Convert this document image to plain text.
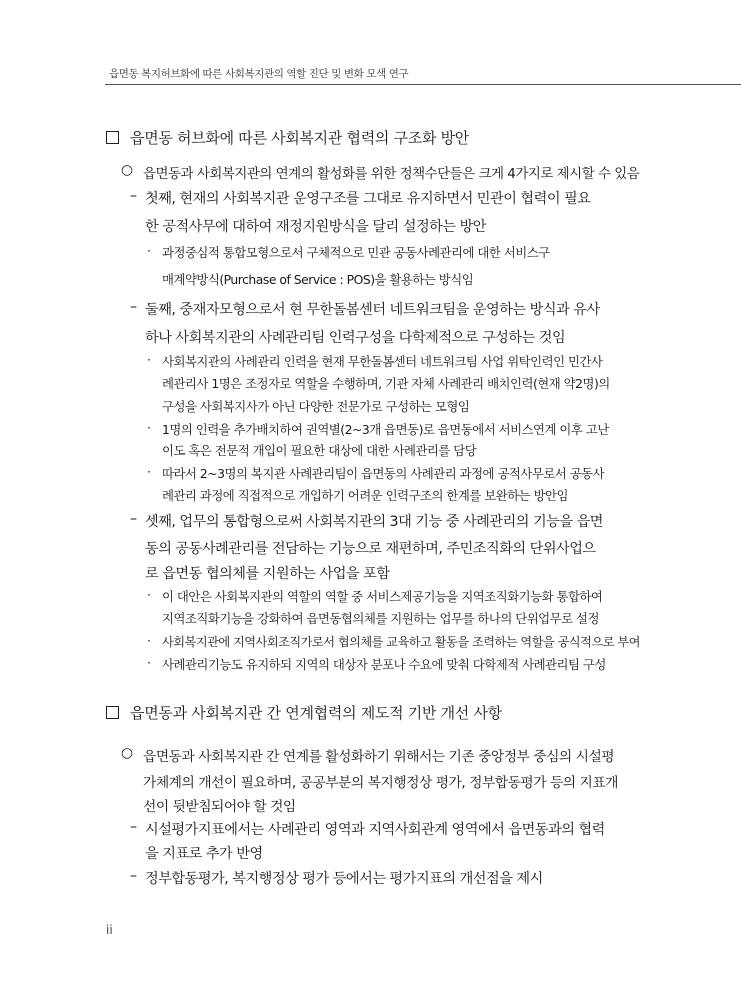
읍면동 복지허브화에 따른 사회복지관의 역할 진단 및 변화 모색 연구
읍면동 허브화에 따른 사회복지관 협력의 구조화 방안
○ 읍면동과 사회복지관의 연계의 활성화를 위한 정책수단들은 크게 4가지로 제시할 수 있음
– 첫째, 현재의 사회복지관 운영구조를 그대로 유지하면서 민관이 협력이 필요
한 공적사무에 대하여 재정지원방식을 달리 설정하는 방안
· 과정중심적 통합모형으로서 구체적으로 민관 공동사례관리에 대한 서비스구
매계약방식(Purchase of Service : POS)을 활용하는 방식임
– 둘째, 중재자모형으로서 현 무한돌봄센터 네트워크팀을 운영하는 방식과 유사
하나 사회복지관의 사례관리팀 인력구성을 다학제적으로 구성하는 것임
· 사회복지관의 사례관리 인력을 현재 무한돌봄센터 네트워크팀 사업 위탁인력인 민간사
례관리사 1명은 조정자로 역할을 수행하며, 기관 자체 사례관리 배치인력(현재 약2명)의
구성을 사회복지사가 아닌 다양한 전문가로 구성하는 모형임
· 1명의 인력을 추가배치하여 권역별(2~3개 읍면동)로 읍면동에서 서비스연계 이후 고난
이도 혹은 전문적 개입이 필요한 대상에 대한 사례관리를 담당
· 따라서 2~3명의 복지관 사례관리팀이 읍면동의 사례관리 과정에 공적사무로서 공동사
례관리 과정에 직접적으로 개입하기 어려운 인력구조의 한계를 보완하는 방안임
– 셋째, 업무의 통합형으로써 사회복지관의 3대 기능 중 사례관리의 기능을 읍면
동의 공동사례관리를 전담하는 기능으로 재편하며, 주민조직화의 단위사업으
로 읍면동 협의체를 지원하는 사업을 포함
· 이 대안은 사회복지관의 역할의 역할 중 서비스제공기능을 지역조직화기능화 통합하여
지역조직화기능을 강화하여 읍면동협의체를 지원하는 업무를 하나의 단위업무로 설정
· 사회복지관에 지역사회조직가로서 협의체를 교육하고 활동을 조력하는 역할을 공식적으로 부여
· 사례관리기능도 유지하되 지역의 대상자 분포나 수요에 맞춰 다학제적 사례관리팀 구성
읍면동과 사회복지관 간 연계협력의 제도적 기반 개선 사항
○ 읍면동과 사회복지관 간 연계를 활성화하기 위해서는 기존 중앙정부 중심의 시설평
가체계의 개선이 필요하며, 공공부분의 복지행정상 평가, 정부합동평가 등의 지표개
선이 뒷받침되어야 할 것임
– 시설평가지표에서는 사례관리 영역과 지역사회관계 영역에서 읍면동과의 협력
을 지표로 추가 반영
– 정부합동평가, 복지행정상 평가 등에서는 평가지표의 개선점을 제시
ii
